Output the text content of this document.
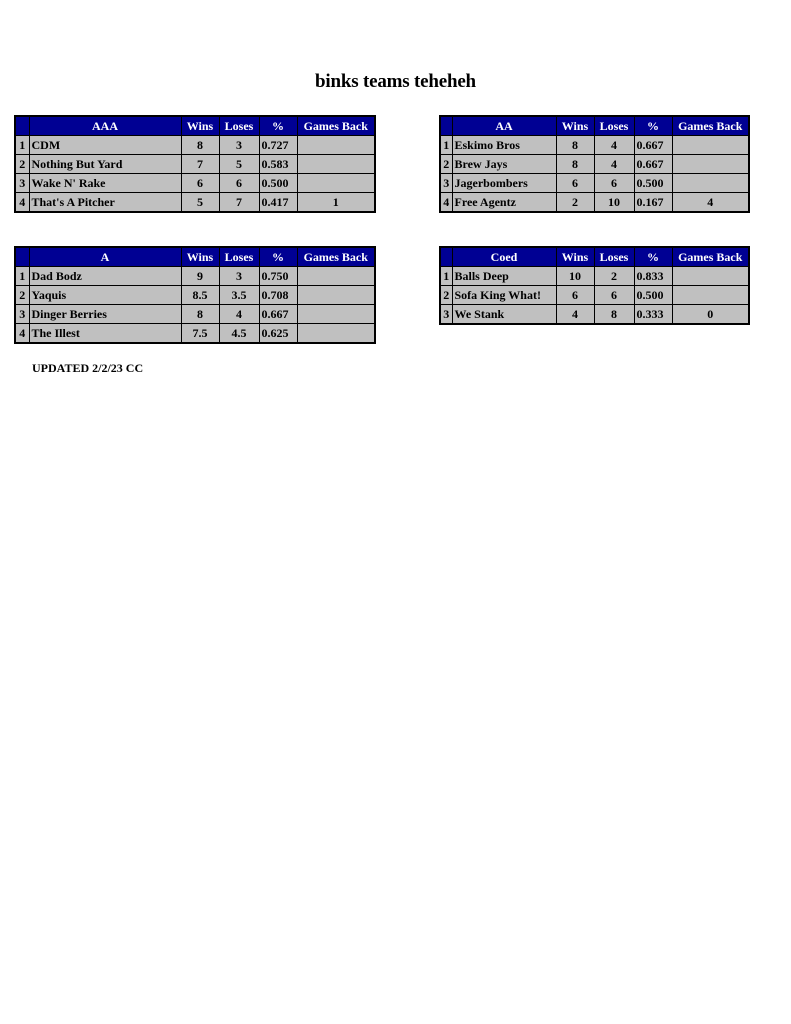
binks teams teheheh
	AAA	Wins	Loses	%	Games Back
1	CDM	8	3	0.727	
2	Nothing But Yard	7	5	0.583	
3	Wake N' Rake	6	6	0.500	
4	That's A Pitcher	5	7	0.417	1
	AA	Wins	Loses	%	Games Back
1	Eskimo Bros	8	4	0.667	
2	Brew Jays	8	4	0.667	
3	Jagerbombers	6	6	0.500	
4	Free Agentz	2	10	0.167	4
	A	Wins	Loses	%	Games Back
1	Dad Bodz	9	3	0.750	
2	Yaquis	8.5	3.5	0.708	
3	Dinger Berries	8	4	0.667	
4	The Illest	7.5	4.5	0.625	
	Coed	Wins	Loses	%	Games Back
1	Balls Deep	10	2	0.833	
2	Sofa King What!	6	6	0.500	
3	We Stank	4	8	0.333	0
UPDATED 2/2/23 CC
